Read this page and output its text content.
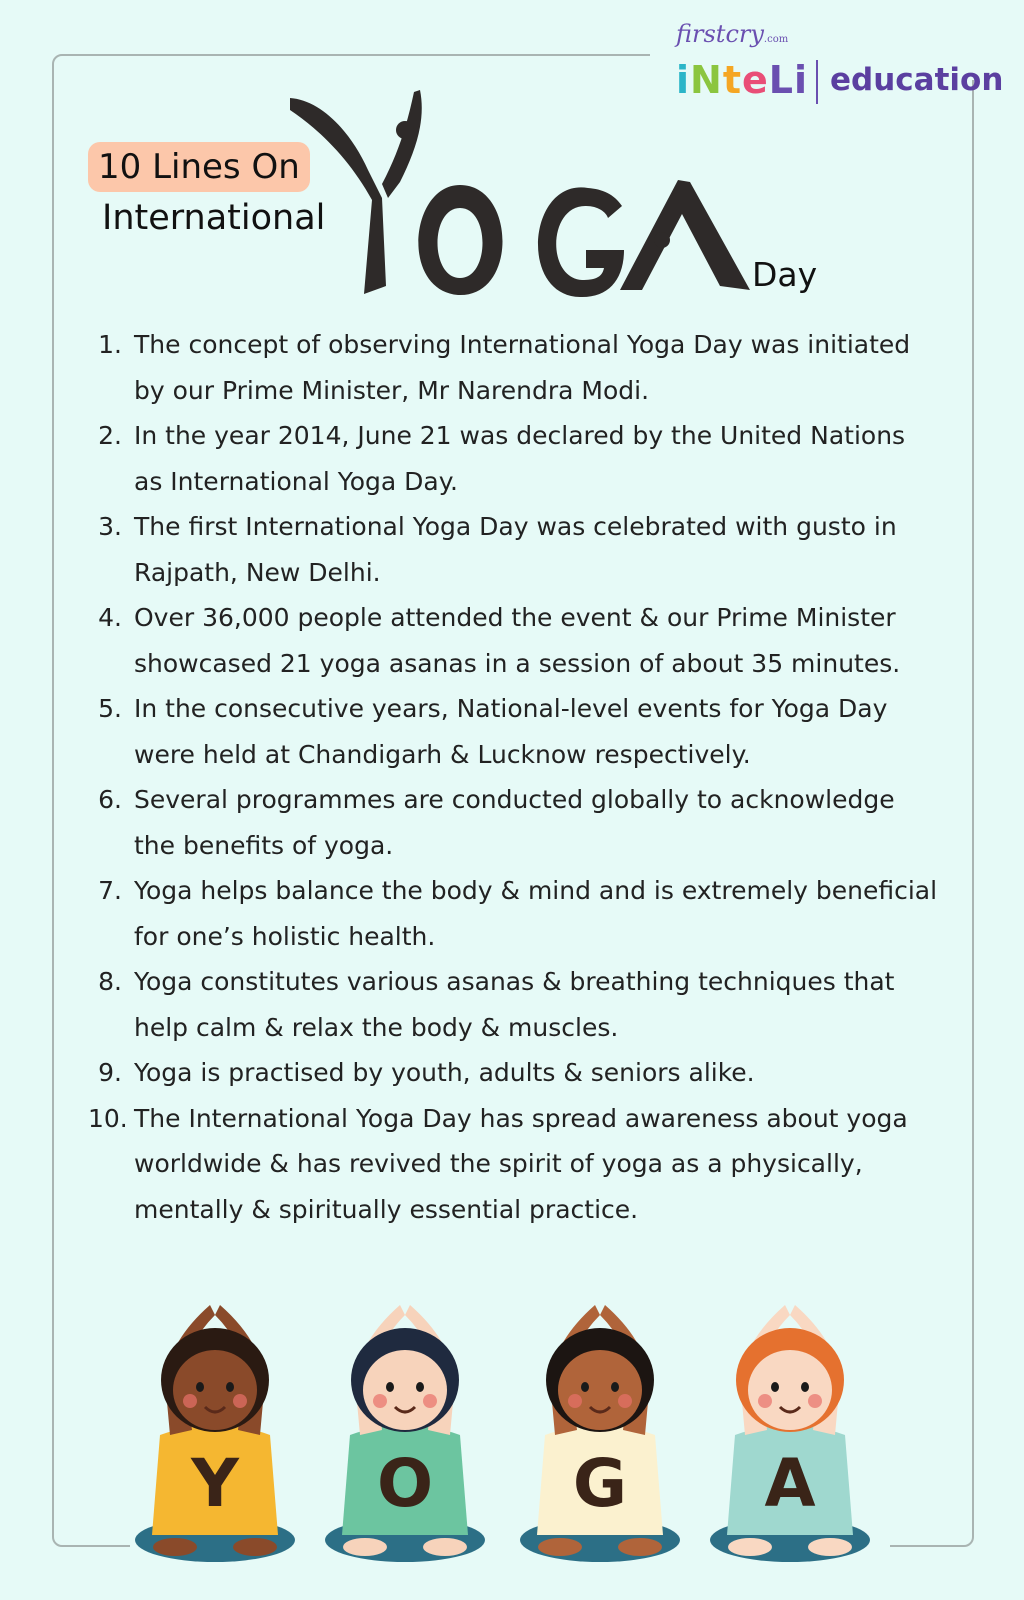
firstcry.com
iNteLi education
10 Lines On
International
Day
1. The concept of observing International Yoga Day was initiated by our Prime Minister, Mr Narendra Modi.
2. In the year 2014, June 21 was declared by the United Nations as International Yoga Day.
3. The first International Yoga Day was celebrated with gusto in Rajpath, New Delhi.
4. Over 36,000 people attended the event & our Prime Minister showcased 21 yoga asanas in a session of about 35 minutes.
5. In the consecutive years, National-level events for Yoga Day were held at Chandigarh & Lucknow respectively.
6. Several programmes are conducted globally to acknowledge the benefits of yoga.
7. Yoga helps balance the body & mind and is extremely beneficial for one’s holistic health.
8. Yoga constitutes various asanas & breathing techniques that help calm & relax the body & muscles.
9. Yoga is practised by youth, adults & seniors alike.
10. The International Yoga Day has spread awareness about yoga worldwide & has revived the spirit of yoga as a physically, mentally & spiritually essential practice.
Y	O	G	A
